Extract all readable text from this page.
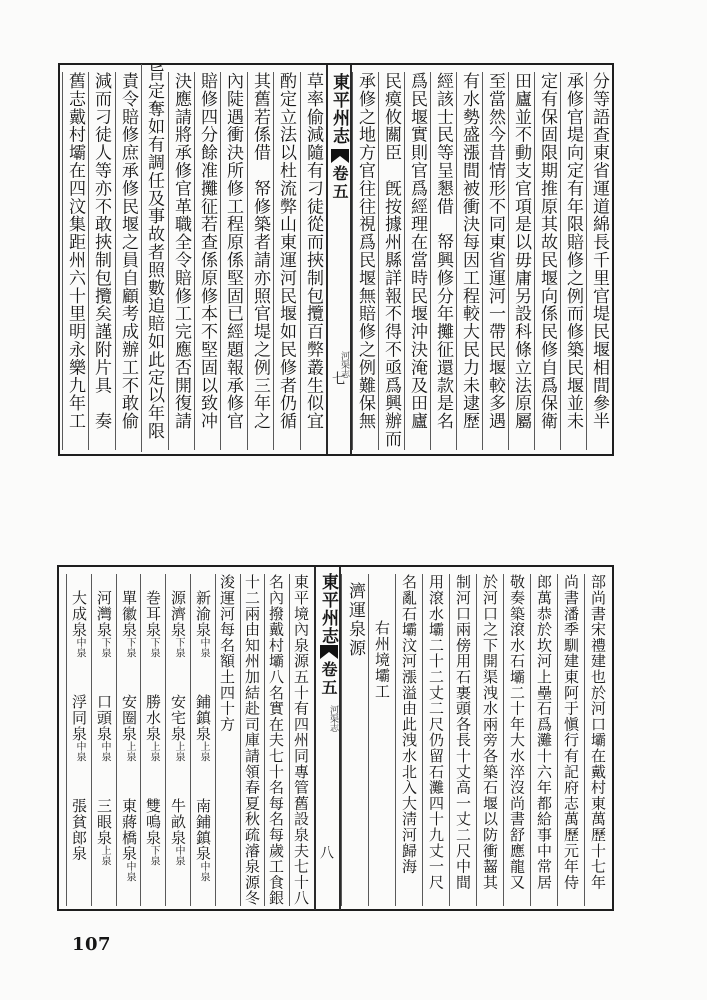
分等語查東省運道綿長千里官堤民堰相間參半
承修官堤向定有年限賠修之例而修築民堰並未
定有保固限期推原其故民堰向係民修自爲保衛
田廬並不動支官項是以毋庸另設科條立法原屬
至當然今昔情形不同東省運河一帶民堰較多遇
有水勢盛漲間被衝決每因工程較大民力未逮歷
經該士民等呈懇借　帑興修分年攤征還款是名
爲民堰實則官爲經理在當時民堰沖決淹及田廬
民瘼攸關臣　旣按據州縣詳報不得不亟爲興辦而
承修之地方官往往視爲民堰無賠修之例難保無
東平州志
卷五
河渠志
七
草率偷減隨有刁徒從而挾制包攬百弊叢生似宜
酌定立法以杜流弊山東運河民堰如民修者仍循
其舊若係借　帑修築者請亦照官堤之例三年之
內陡遇衝決所修工程原係堅固已經題報承修官
賠修四分餘准攤征若查係原修本不堅固以致冲
決應請將承修官革職全令賠修工完應否開復請
旨定奪如有調任及事故者照數追賠如此定以年限
責令賠修庶承修民堰之員自顧考成辦工不敢偷
減而刁徒人等亦不敢挾制包攬矣謹附片具　奏
舊志戴村壩在四汶集距州六十里明永樂九年工
部尚書宋禮建也於河口壩在戴村東萬歷十七年
尚書潘季馴建東阿于愼行有記府志萬歷元年侍
郎萬恭於坎河上壘石爲灘十六年都給事中常居
敬奏築滾水石壩二十年大水淬沒尚書舒應龍又
於河口之下開渠洩水兩旁各築石堰以防衝齧其
制河口兩傍用石裹頭各長十丈高一丈二尺中間
用滾水壩二十二丈二尺仍留石灘四十九丈一尺
名亂石壩汶河漲溢由此洩水北入大淸河歸海
右州境壩工
濟運泉源
東平州志
卷五
河渠志
八
東平境內泉源五十有四州同專管舊設泉夫七十八
名內撥戴村壩八名實在夫七十名每名每歲工食銀
十二兩由知州加結赴司庫請領春夏秋疏濬泉源冬
浚運河每名額土四十方
新渝泉中泉
鋪鎮泉上泉
南鋪鎮泉中泉
源濟泉下泉
安宅泉上泉
牛畝泉中泉
巻耳泉下泉
勝水泉上泉
雙鳴泉下泉
單徽泉下泉
安圈泉上泉
東蔣橋泉中泉
河灣泉下泉
口頭泉中泉
三眼泉上泉
大成泉中泉
浮同泉中泉
張貧郎泉
107
